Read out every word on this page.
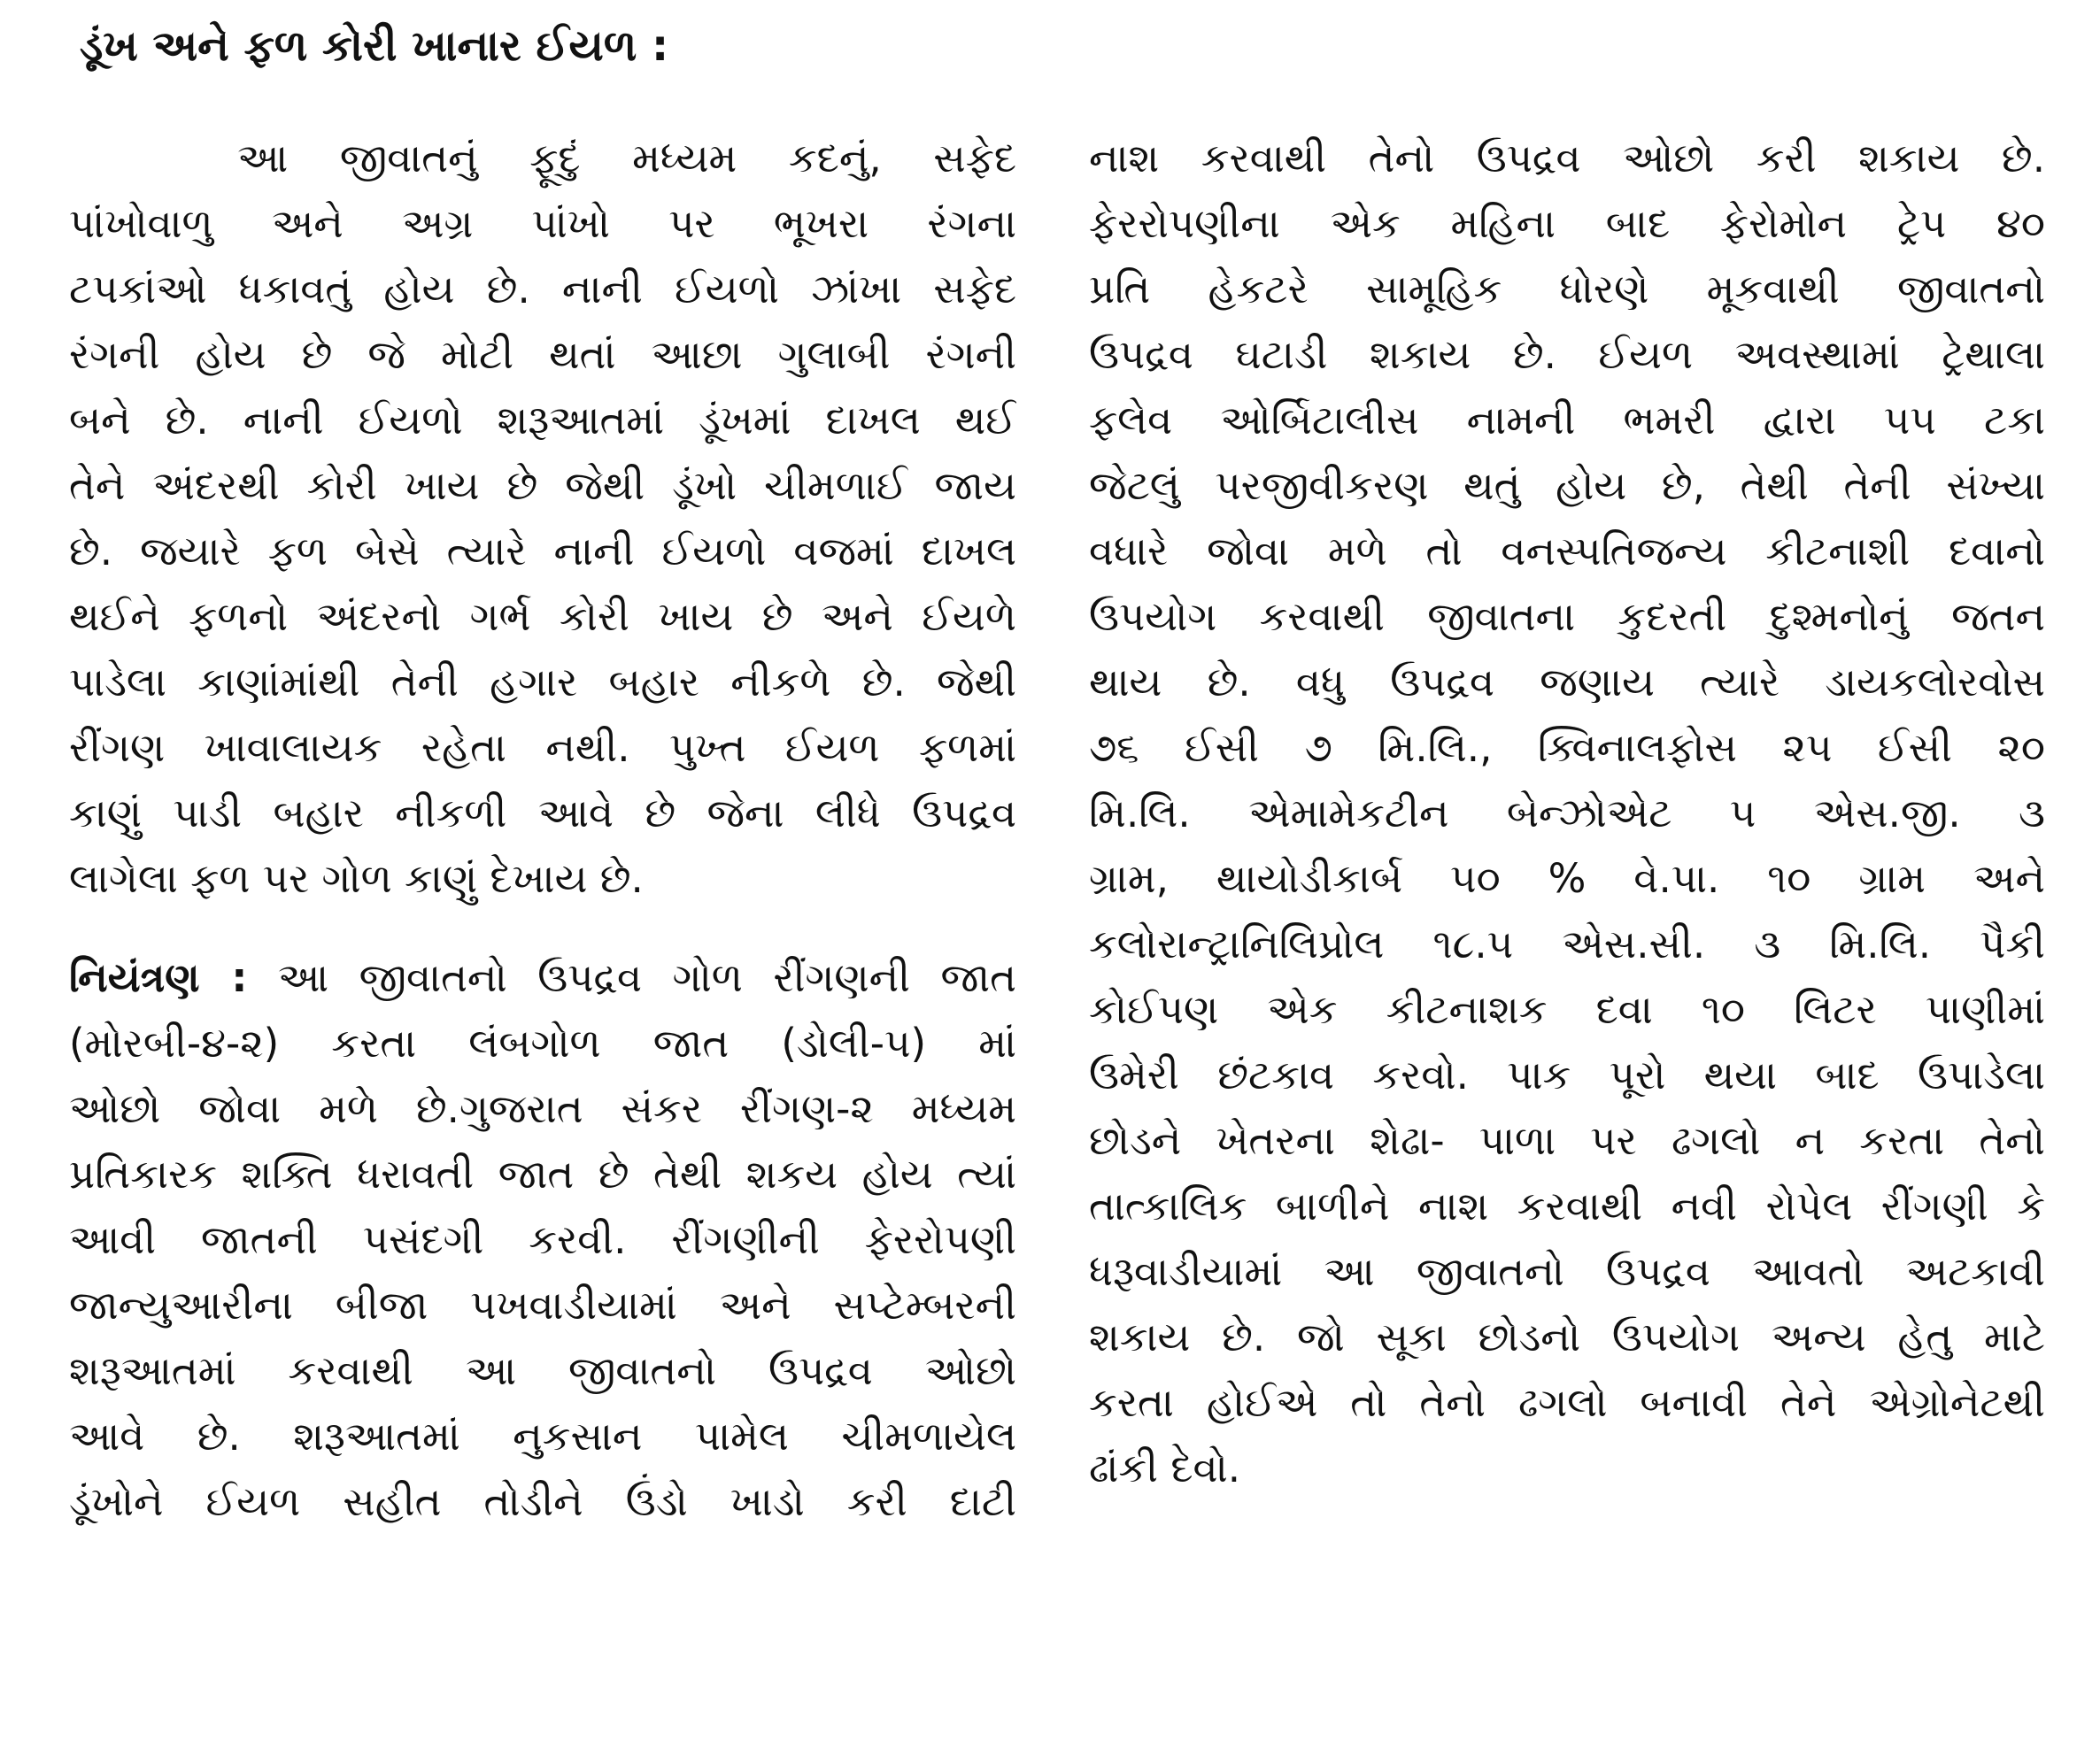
ડૂંખ અને ફળ કોરી ખાનાર ઈયળ :
આ જીવાતનું ફૂદું મધ્યમ કદનું, સફેદ
પાંખોવાળુ અને અગ્ર પાંખો પર ભૂખરા રંગના
ટપકાંઓ ધકાવતું હોય છે. નાની ઈયળો ઝાંખા સફેદ
રંગની હોય છે જે મોટી થતાં આછા ગુલાબી રંગની
બને છે. નાની ઈયળો શરૂઆતમાં ડૂંખમાં દાખલ થઈ
તેને અંદરથી કોરી ખાય છે જેથી ડૂંખો ચીમળાઈ જાય
છે. જયારે ફળ બેસે ત્યારે નાની ઈયળો વજમાં દાખલ
થઈને ફળનો અંદરનો ગર્ભ કોરી ખાય છે અને ઈયળે
પાડેલા કાણાંમાંથી તેની હગાર બહાર નીકળે છે. જેથી
રીંગણ ખાવાલાયક રહેતા નથી. પુખ્ત ઈયળ ફળમાં
કાણું પાડી બહાર નીકળી આવે છે જેના લીધે ઉપદ્રવ
લાગેલા ફળ પર ગોળ કાણું દેખાય છે.
નિયંત્રણ : આ જીવાતનો ઉપદ્રવ ગોળ રીંગણની જાત
(મોરબી-૪-૨) કરતા લંબગોળ જાત (ડોલી-૫) માં
ઓછો જોવા મળે છે.ગુજરાત સંકર રીંગણ-૨ મધ્યમ
પ્રતિકારક શક્તિ ધરાવતી જાત છે તેથી શકય હોય ત્યાં
આવી જાતની પસંદગી કરવી. રીંગણીની ફેરરોપણી
જાન્યુઆરીના બીજા પખવાડીયામાં અને સપ્ટેમ્બરની
શરૂઆતમાં કરવાથી આ જીવાતનો ઉપદ્રવ ઓછો
આવે છે. શરૂઆતમાં નુકસાન પામેલ ચીમળાયેલ
ડૂંખોને ઈયળ સહીત તોડીને ઉંડો ખાડો કરી દાટી
નાશ કરવાથી તેનો ઉપદ્રવ ઓછો કરી શકાય છે.
ફેરરોપણીના એક મહિના બાદ ફેરોમોન ટ્રેપ ૪૦
પ્રતિ હેકટરે સામૂહિક ધોરણે મૂકવાથી જીવાતનો
ઉપદ્રવ ઘટાડી શકાય છે. ઈયળ અવસ્થામાં ટ્રેથાલા
ફલેવ ઓર્બિટાલીસ નામની ભમરી દ્વારા ૫૫ ટકા
જેટલું પરજીવીકરણ થતું હોય છે, તેથી તેની સંખ્યા
વધારે જોવા મળે તો વનસ્પતિજન્ય કીટનાશી દવાનો
ઉપયોગ કરવાથી જીવાતના કુદરતી દુશ્મનોનું જતન
થાય છે. વધુ ઉપદ્રવ જણાય ત્યારે ડાયકલોરવોસ
૭૬ ઈસી ૭ મિ.લિ., ક્વિનાલફોસ ૨૫ ઈસી ૨૦
મિ.લિ. એમામેકટીન બેન્ઝોએટ ૫ એસ.જી. ૩
ગ્રામ, થાયોડીકાર્બ ૫૦ % વે.પા. ૧૦ ગ્રામ અને
કલોરાન્ટ્રાનિલિપ્રોલ ૧૮.૫ એસ.સી. ૩ મિ.લિ. પૈકી
કોઈપણ એક કીટનાશક દવા ૧૦ લિટર પાણીમાં
ઉમેરી છંટકાવ કરવો. પાક પૂરો થયા બાદ ઉપાડેલા
છોડને ખેતરના શેઢા- પાળા પર ઢગલો ન કરતા તેનો
તાત્કાલિક બાળીને નાશ કરવાથી નવી રોપેલ રીંગણી કે
ધરૂવાડીયામાં આ જીવાતનો ઉપદ્રવ આવતો અટકાવી
શકાય છે. જો સૂકા છોડનો ઉપયોગ અન્ય હેતુ માટે
કરતા હોઈએ તો તેનો ઢગલો બનાવી તેને એગ્રોનેટથી
ઢાંકી દેવો.
